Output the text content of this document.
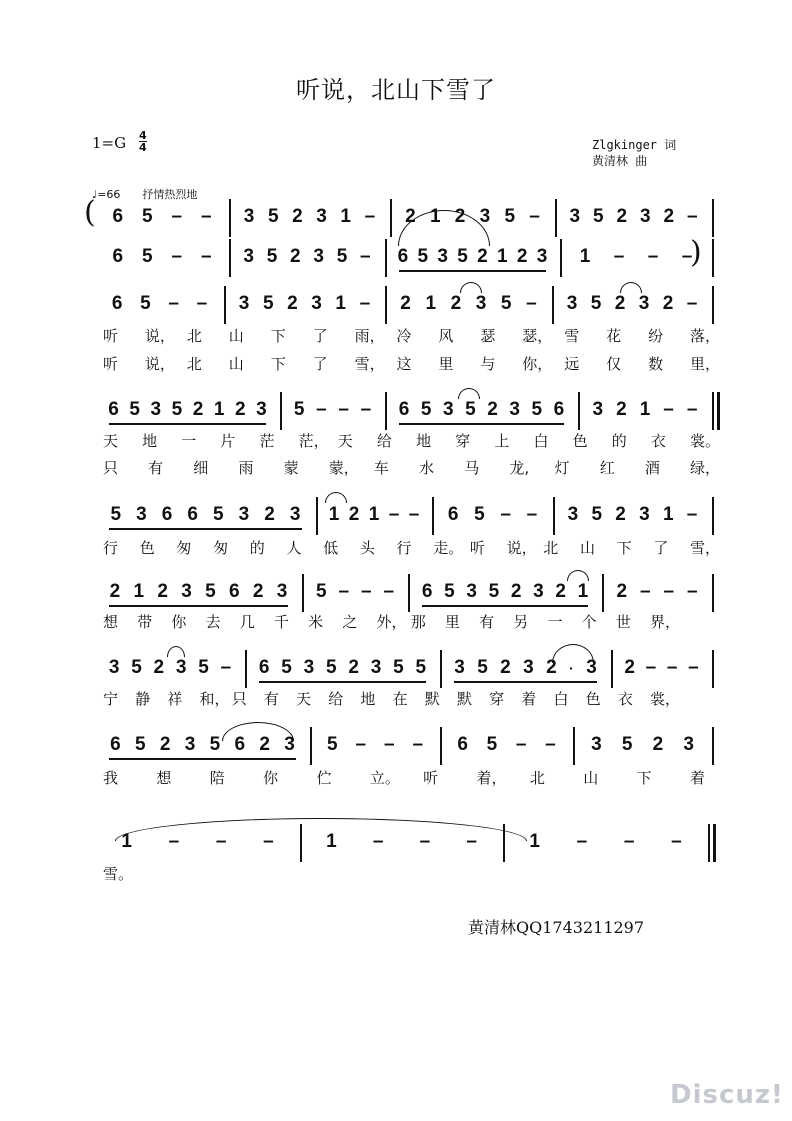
听说，北山下雪了
1=G 4
4	Zlgkinger 词
黄清林 曲
♩=66 抒情热烈地
6 5 – – 3 5 2 3 1 – 2 1 2 3 5 – 3 5 2 3 2 –
(
6 5 – – 3 5 2 3 5 – 6 5 3 5 2 1 2 3 1 – – –
)
6 5 – – 3 5 2 3 1 – 2 1 2 3 5 – 3 5 2 3 2 –
6 5 3 5 2 1 2 3 5 – – – 6 5 3 5 2 3 5 6 3 2 1 – –
5 3 6 6 5 3 2 3 1 2 1 – – 6 5 – – 3 5 2 3 1 –
2 1 2 3 5 6 2 3 5 – – – 6 5 3 5 2 3 2 1 2 – – –
3 5 2 3 5 – 6 5 3 5 2 3 5 5 3 5 2 3 2 · 3 2 – – –
6 5 2 3 5 6 2 3 5 – – – 6 5 – – 3 5 2 3
1 – – –	1 – – –	1 – – –
听 说， 北 山 下 了 雨， 冷 风 瑟 瑟， 雪 花 纷 落，
听 说， 北 山 下 了 雪， 这 里 与 你， 远 仅 数 里，
天 地 一 片 茫 茫， 天 给 地 穿 上 白 色 的 衣 裳。
只 有 细 雨 蒙 蒙， 车 水 马 龙, 灯 红 酒 绿，
行 色 匆 匆 的 人 低 头 行 走。 听 说， 北 山 下 了 雪，
想 带 你 去 几 千 米 之 外， 那 里 有 另 一 个 世 界，
宁 静 祥 和， 只 有 天 给 地 在 默 默 穿 着 白 色 衣 裳，
我	想	陪	你	伫	立。 听	着， 北	山	下	着
雪。
黄清林QQ1743211297
Discuz!
